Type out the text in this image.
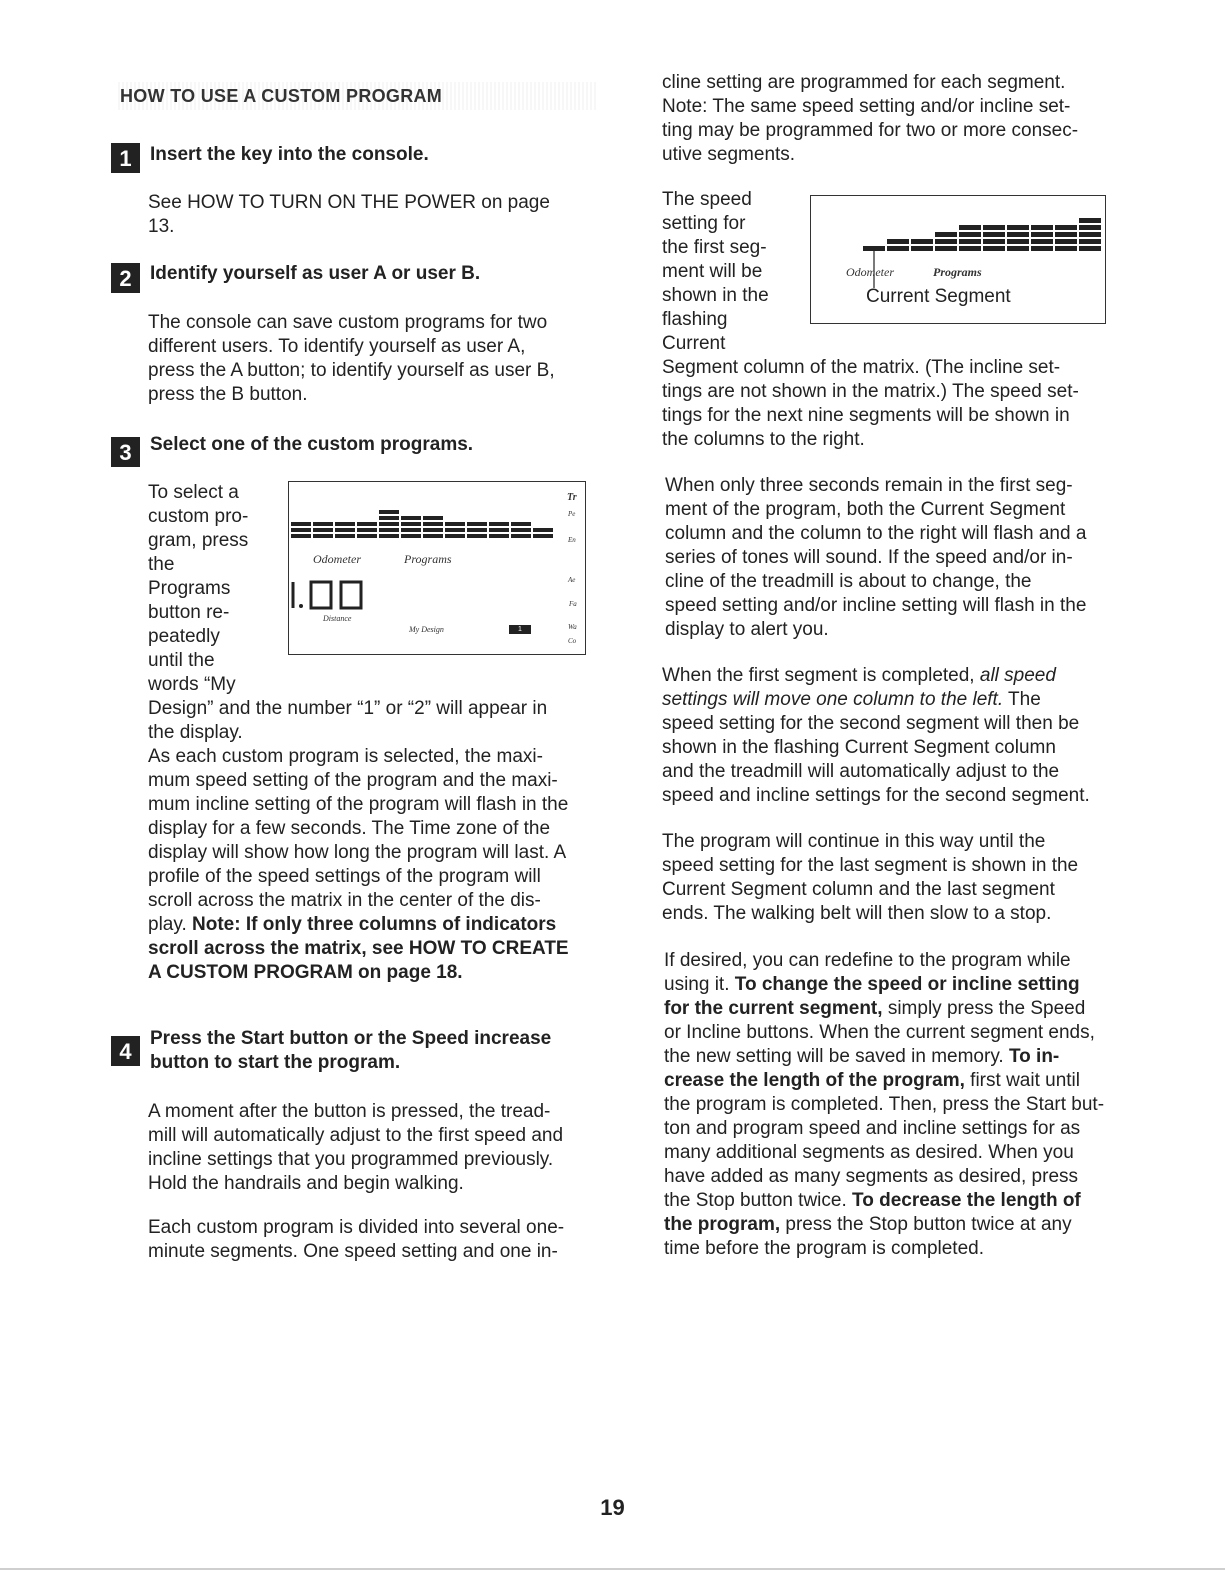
HOW TO USE A CUSTOM PROGRAM
1 Insert the key into the console.

See HOW TO TURN ON THE POWER on page

13.

2 Identify yourself as user A or user B.

The console can save custom programs for two

different users. To identify yourself as user A,

press the A button; to identify yourself as user B,

press the B button.

3 Select one of the custom programs.

To select a

custom pro-

gram, press

the

Programs

button re-

peatedly

until the

words “My

Design” and the number “1” or “2” will appear in

the display.

Odometer	Programs
Distance
My Design	1
Tr
Pe
En
Ae
Fa
Wa
Co

As each custom program is selected, the maxi-

mum speed setting of the program and the maxi-

mum incline setting of the program will flash in the

display for a few seconds. The Time zone of the

display will show how long the program will last. A

profile of the speed settings of the program will

scroll across the matrix in the center of the dis-

play. Note: If only three columns of indicators

scroll across the matrix, see HOW TO CREATE

A CUSTOM PROGRAM on page 18.

4
Press the Start button or the Speed increase
button to start the program.

A moment after the button is pressed, the tread-

mill will automatically adjust to the first speed and

incline settings that you programmed previously.

Hold the handrails and begin walking.

Each custom program is divided into several one-

minute segments. One speed setting and one in-

cline setting are programmed for each segment.

Note: The same speed setting and/or incline set-

ting may be programmed for two or more consec-

utive segments.

The speed

setting for

the first seg-

ment will be

shown in the

flashing

Current

Segment column of the matrix. (The incline set-

tings are not shown in the matrix.) The speed set-

tings for the next nine segments will be shown in

the columns to the right.

Odometer	Programs
Current Segment

When only three seconds remain in the first seg-

ment of the program, both the Current Segment

column and the column to the right will flash and a

series of tones will sound. If the speed and/or in-

cline of the treadmill is about to change, the

speed setting and/or incline setting will flash in the

display to alert you.

When the first segment is completed, all speed

settings will move one column to the left. The

speed setting for the second segment will then be

shown in the flashing Current Segment column

and the treadmill will automatically adjust to the

speed and incline settings for the second segment.

The program will continue in this way until the

speed setting for the last segment is shown in the

Current Segment column and the last segment

ends. The walking belt will then slow to a stop.

If desired, you can redefine to the program while

using it. To change the speed or incline setting

for the current segment, simply press the Speed

or Incline buttons. When the current segment ends,

the new setting will be saved in memory. To in-

crease the length of the program, first wait until

the program is completed. Then, press the Start but-

ton and program speed and incline settings for as

many additional segments as desired. When you

have added as many segments as desired, press

the Stop button twice. To decrease the length of

the program, press the Stop button twice at any

time before the program is completed.

19
